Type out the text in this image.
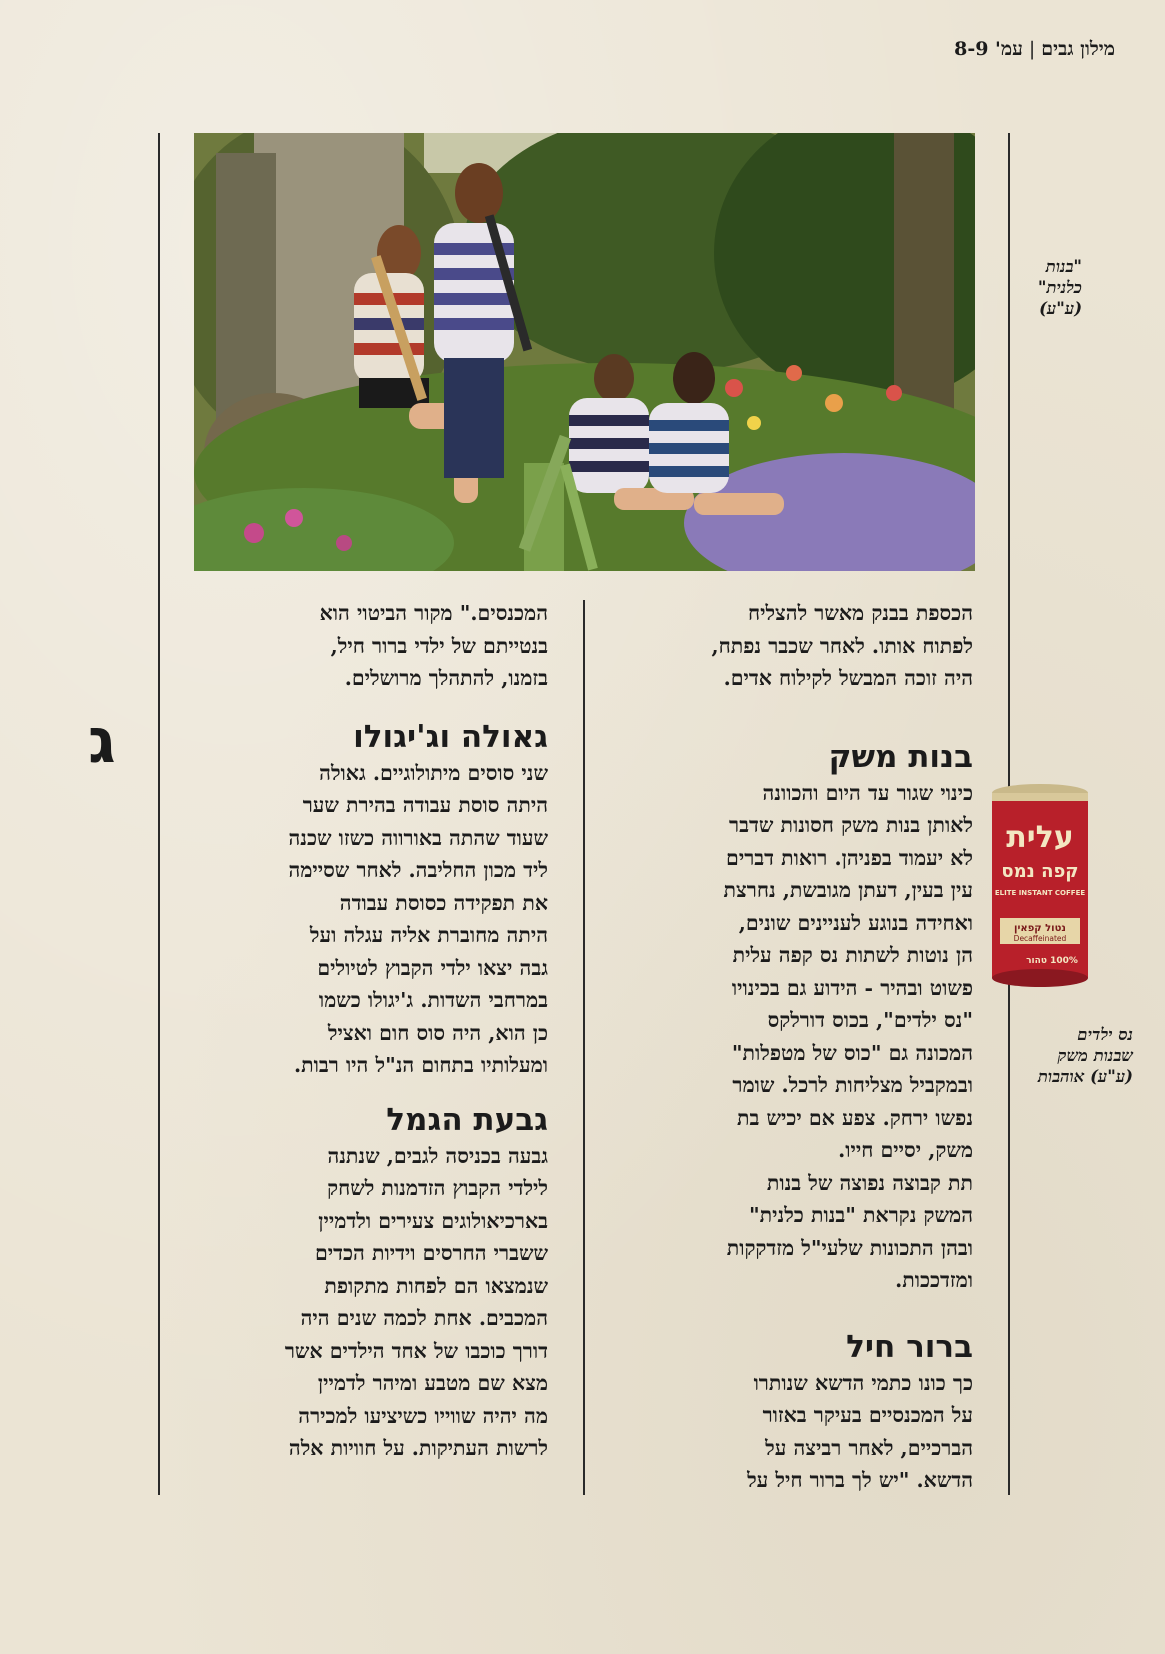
מילון גבים|עמ' 8-9
"בנות
כלנית"
(ע"ע)
עלית
קפה נמס
ELITE INSTANT COFFEE
נטול קפאין
Decaffeinated
100% טהור
נס ילדים
שבנות משק
(ע"ע) אוהבות
ג

הכספת בבנק מאשר להצליח

לפתוח אותו. לאחר שכבר נפתח,

היה זוכה המבשל לקילוח אדים.

בנות משק

כינוי שגור עד היום והכוונה

לאותן בנות משק חסונות שדבר

לא יעמוד בפניהן. רואות דברים

עין בעין, דעתן מגובשת, נחרצת

ואחידה בנוגע לעניינים שונים,

הן נוטות לשתות נס קפה עלית

פשוט ובהיר - הידוע גם בכינויו

"נס ילדים", בכוס דורלקס

המכונה גם "כוס של מטפלות"

ובמקביל מצליחות לרכל. שומר

נפשו ירחק. צפע אם יכיש בת

משק, יסיים חייו.

תת קבוצה נפוצה של בנות

המשק נקראת "בנות כלנית"

ובהן התכונות שלעי"ל מזדקקות

ומזדככות.

ברור חיל

כך כונו כתמי הדשא שנותרו

על המכנסיים בעיקר באזור

הברכיים, לאחר רביצה על

הדשא. "יש לך ברור חיל על

המכנסים." מקור הביטוי הוא

בנטייתם של ילדי ברור חיל,

בזמנו, להתהלך מרושלים.

גאולה וג'יגולו

שני סוסים מיתולוגיים. גאולה

היתה סוסת עבודה בהירת שער

שעוד שהתה באורווה כשזו שכנה

ליד מכון החליבה. לאחר שסיימה

את תפקידה כסוסת עבודה

היתה מחוברת אליה עגלה ועל

גבה יצאו ילדי הקבוץ לטיולים

במרחבי השדות. ג'יגולו כשמו

כן הוא, היה סוס חום ואציל

ומעלותיו בתחום הנ"ל היו רבות.

גבעת הגמל

גבעה בכניסה לגבים, שנתנה

לילדי הקבוץ הזדמנות לשחק

בארכיאולוגים צעירים ולדמיין

ששברי החרסים וידיות הכדים

שנמצאו הם לפחות מתקופת

המכבים. אחת לכמה שנים היה

דורך כוכבו של אחד הילדים אשר

מצא שם מטבע ומיהר לדמיין

מה יהיה שווייו כשיציעו למכירה

לרשות העתיקות. על חוויות אלה
